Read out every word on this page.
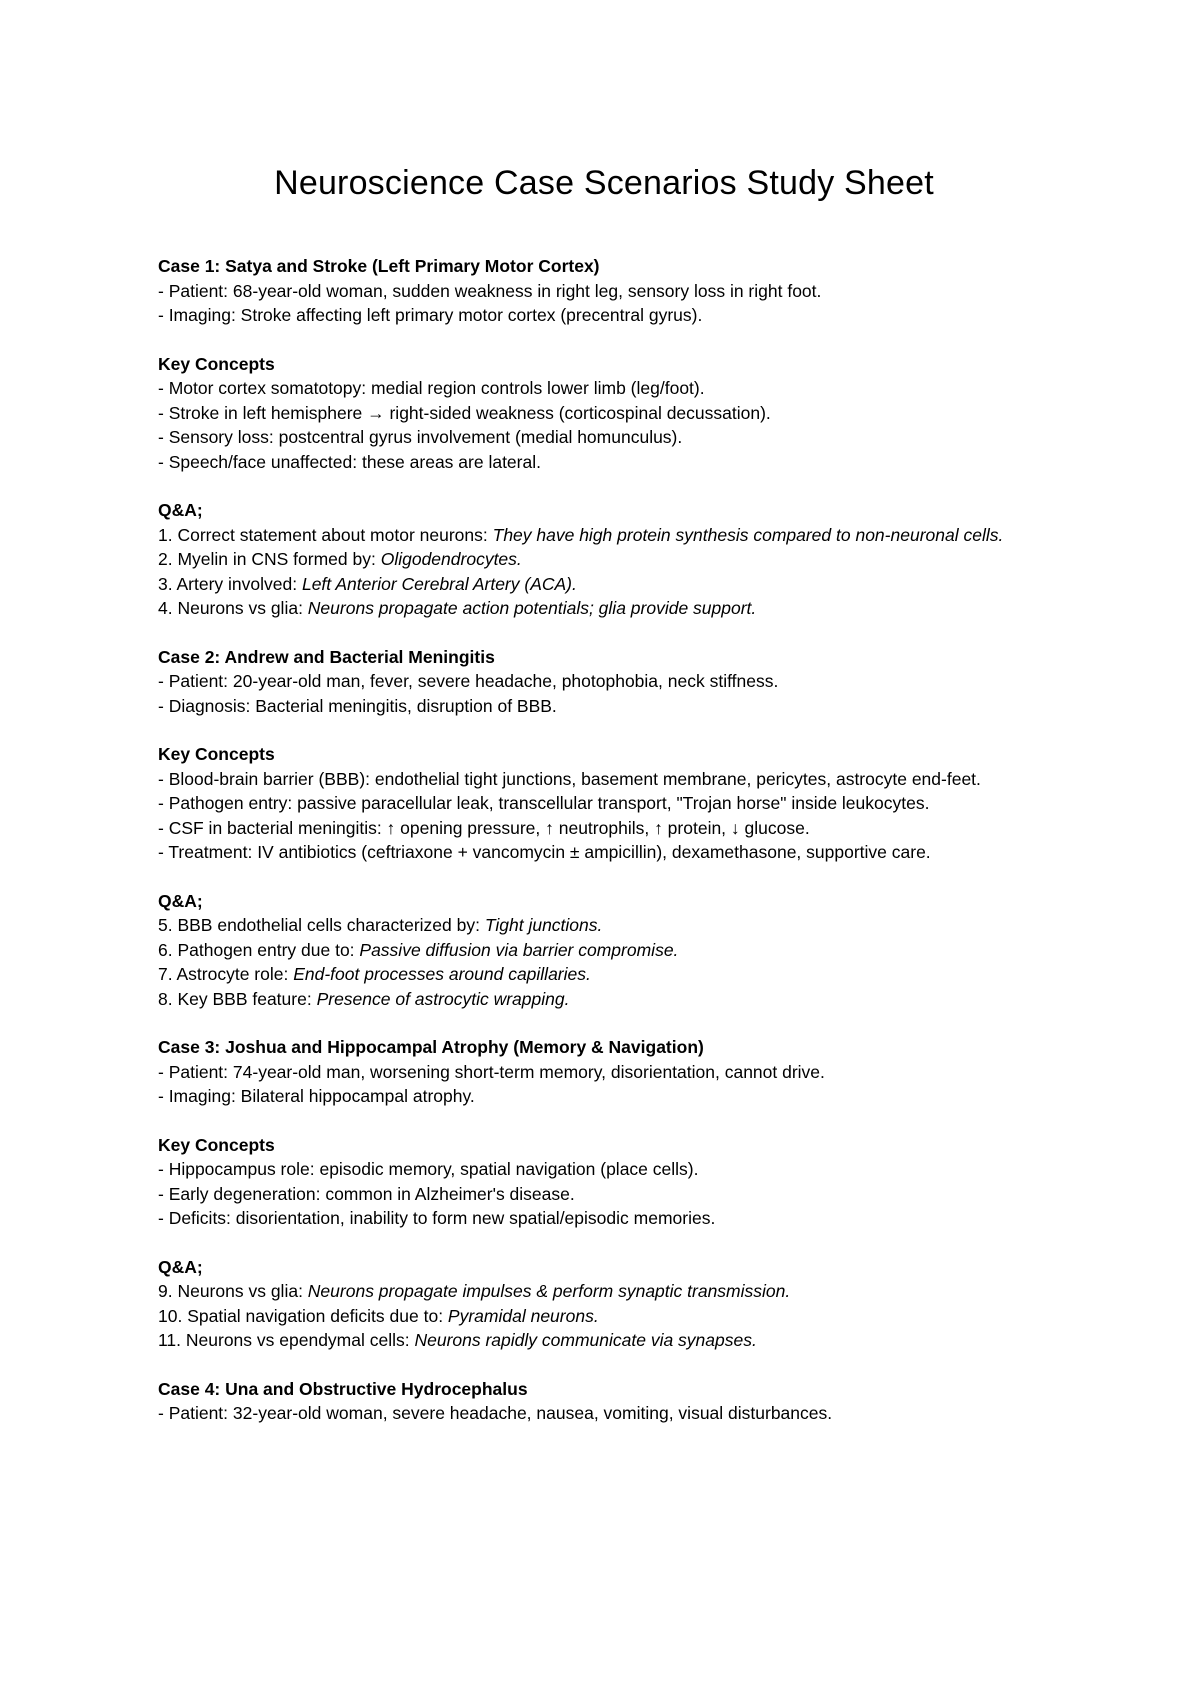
Neuroscience Case Scenarios Study Sheet
Case 1: Satya and Stroke (Left Primary Motor Cortex)
- Patient: 68-year-old woman, sudden weakness in right leg, sensory loss in right foot.
- Imaging: Stroke affecting left primary motor cortex (precentral gyrus).
Key Concepts
- Motor cortex somatotopy: medial region controls lower limb (leg/foot).
- Stroke in left hemisphere → right-sided weakness (corticospinal decussation).
- Sensory loss: postcentral gyrus involvement (medial homunculus).
- Speech/face unaffected: these areas are lateral.
Q&A;
1. Correct statement about motor neurons: They have high protein synthesis compared to non-neuronal cells.
2. Myelin in CNS formed by: Oligodendrocytes.
3. Artery involved: Left Anterior Cerebral Artery (ACA).
4. Neurons vs glia: Neurons propagate action potentials; glia provide support.
Case 2: Andrew and Bacterial Meningitis
- Patient: 20-year-old man, fever, severe headache, photophobia, neck stiffness.
- Diagnosis: Bacterial meningitis, disruption of BBB.
Key Concepts
- Blood-brain barrier (BBB): endothelial tight junctions, basement membrane, pericytes, astrocyte end-feet.
- Pathogen entry: passive paracellular leak, transcellular transport, "Trojan horse" inside leukocytes.
- CSF in bacterial meningitis: ↑ opening pressure, ↑ neutrophils, ↑ protein, ↓ glucose.
- Treatment: IV antibiotics (ceftriaxone + vancomycin ± ampicillin), dexamethasone, supportive care.
Q&A;
5. BBB endothelial cells characterized by: Tight junctions.
6. Pathogen entry due to: Passive diffusion via barrier compromise.
7. Astrocyte role: End-foot processes around capillaries.
8. Key BBB feature: Presence of astrocytic wrapping.
Case 3: Joshua and Hippocampal Atrophy (Memory & Navigation)
- Patient: 74-year-old man, worsening short-term memory, disorientation, cannot drive.
- Imaging: Bilateral hippocampal atrophy.
Key Concepts
- Hippocampus role: episodic memory, spatial navigation (place cells).
- Early degeneration: common in Alzheimer's disease.
- Deficits: disorientation, inability to form new spatial/episodic memories.
Q&A;
9. Neurons vs glia: Neurons propagate impulses & perform synaptic transmission.
10. Spatial navigation deficits due to: Pyramidal neurons.
11. Neurons vs ependymal cells: Neurons rapidly communicate via synapses.
Case 4: Una and Obstructive Hydrocephalus
- Patient: 32-year-old woman, severe headache, nausea, vomiting, visual disturbances.
